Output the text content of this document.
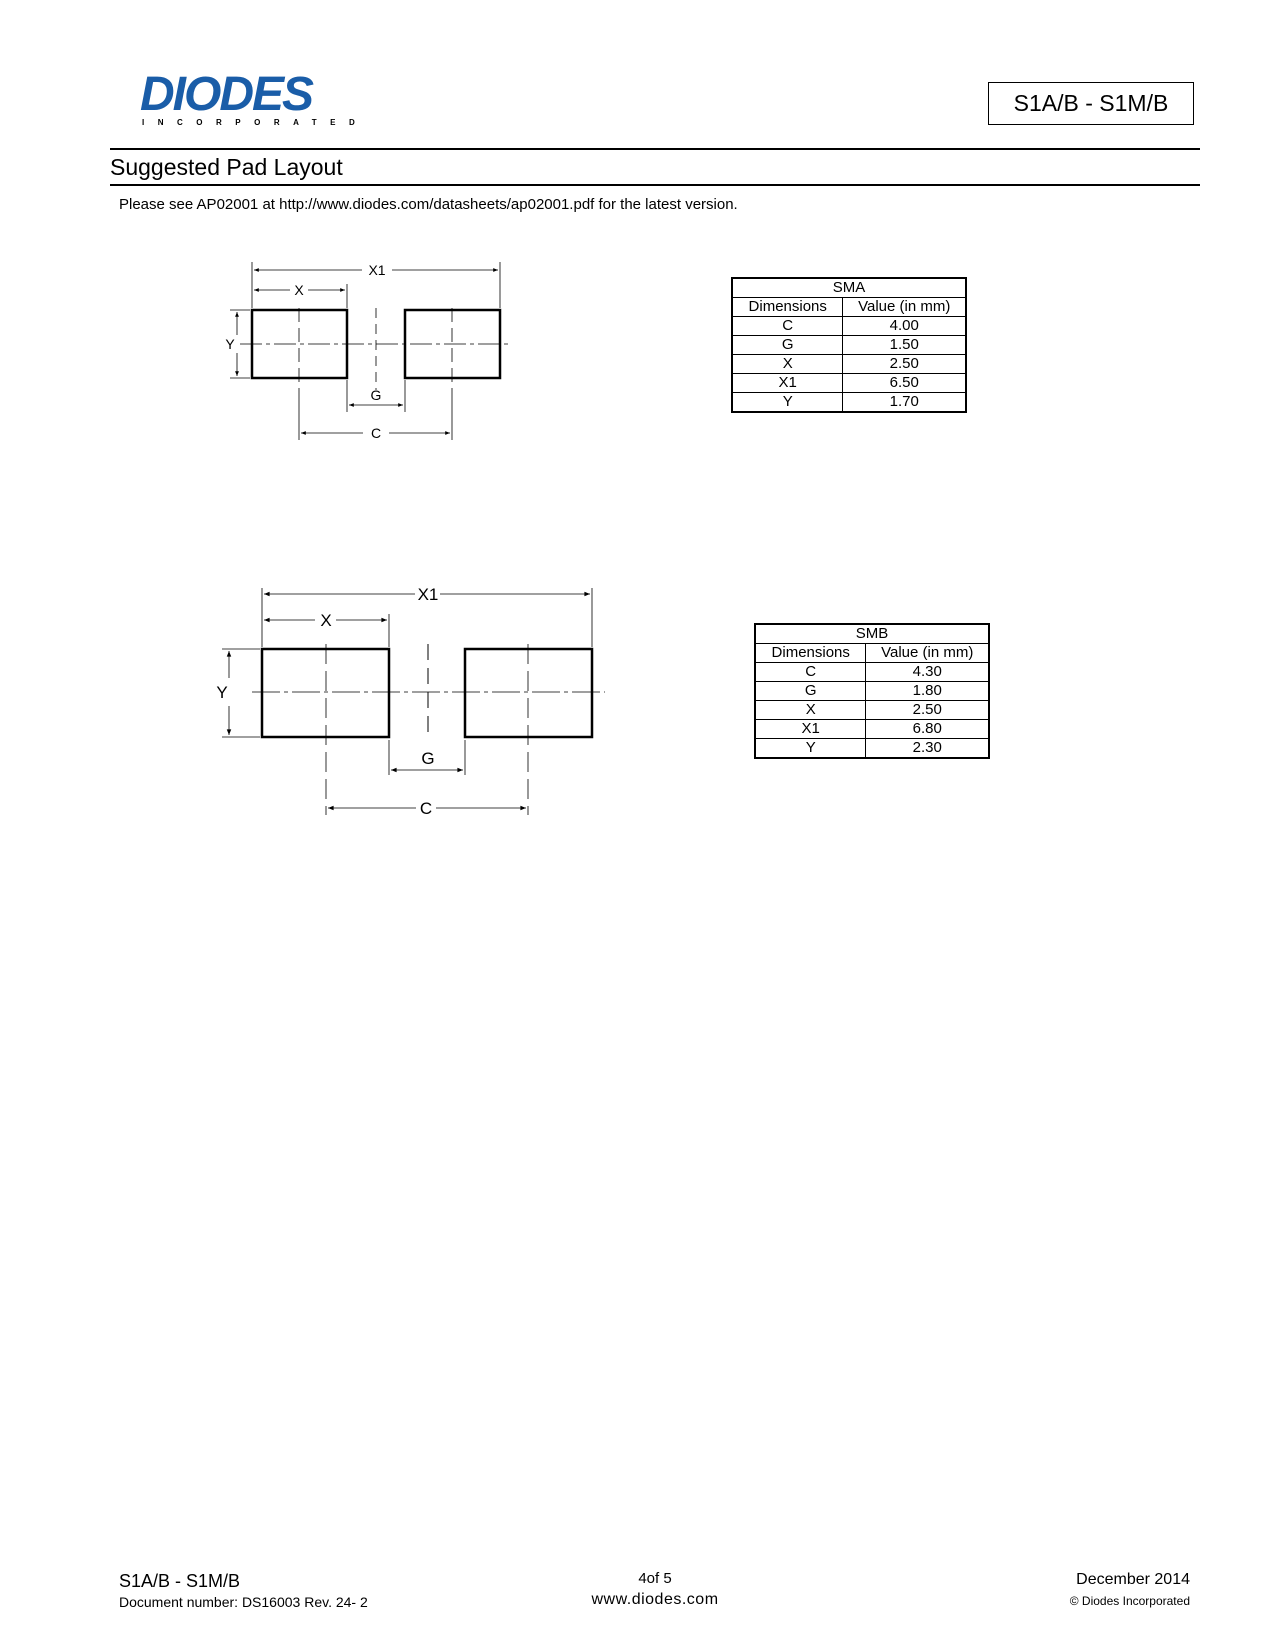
DIODES
INCORPORATED
S1A/B - S1M/B
Suggested Pad Layout
Please see AP02001 at http://www.diodes.com/datasheets/ap02001.pdf for the latest version.
X1
X
Y
G
C
SMA	
Dimensions	Value (in mm)
C	4.00
G	1.50
X	2.50
X1	6.50
Y	1.70
X1
X
Y
G
C
SMB	
Dimensions	Value (in mm)
C	4.30
G	1.80
X	2.50
X1	6.80
Y	2.30
S1A/B - S1M/B
Document number: DS16003 Rev. 24- 2
4of 5
www.diodes.com
December 2014
© Diodes Incorporated
